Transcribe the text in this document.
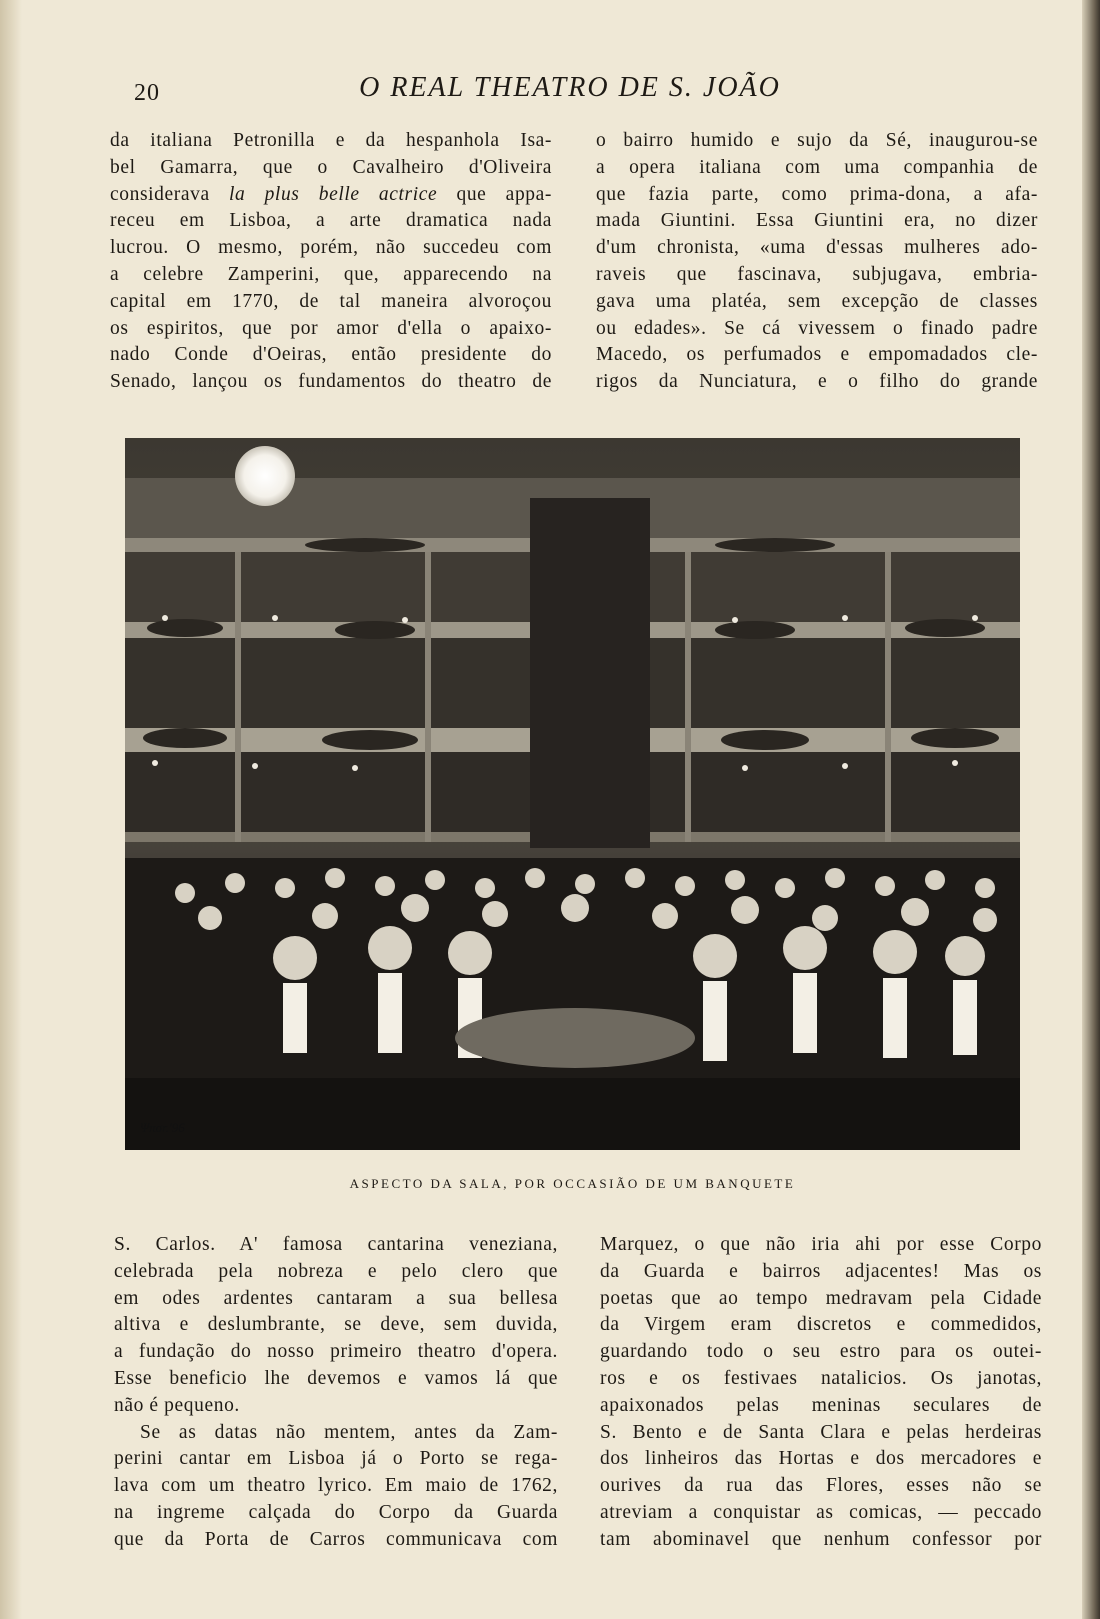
20	O REAL THEATRO DE S. JOÃO
da italiana Petronilla e da hespanhola Isa-
bel Gamarra, que o Cavalheiro d'Oliveira
considerava la plus belle actrice que appa-
receu em Lisboa, a arte dramatica nada
lucrou. O mesmo, porém, não succedeu com
a celebre Zamperini, que, apparecendo na
capital em 1770, de tal maneira alvoroçou
os espiritos, que por amor d'ella o apaixo-
nado Conde d'Oeiras, então presidente do
Senado, lançou os fundamentos do theatro de
o bairro humido e sujo da Sé, inaugurou-se
a opera italiana com uma companhia de
que fazia parte, como prima-dona, a afa-
mada Giuntini. Essa Giuntini era, no dizer
d'um chronista, «uma d'essas mulheres ado-
raveis que fascinava, subjugava, embria-
gava uma platéa, sem excepção de classes
ou edades». Se cá vivessem o finado padre
Macedo, os perfumados e empomadados cle-
rigos da Nunciatura, e o filho do grande
Ψπσr.'96
ASPECTO DA SALA, POR OCCASIÃO DE UM BANQUETE
S. Carlos. A' famosa cantarina veneziana,
celebrada pela nobreza e pelo clero que
em odes ardentes cantaram a sua bellesa
altiva e deslumbrante, se deve, sem duvida,
a fundação do nosso primeiro theatro d'opera.
Esse beneficio lhe devemos e vamos lá que
não é pequeno.
Se as datas não mentem, antes da Zam-
perini cantar em Lisboa já o Porto se rega-
lava com um theatro lyrico. Em maio de 1762,
na ingreme calçada do Corpo da Guarda
que da Porta de Carros communicava com
Marquez, o que não iria ahi por esse Corpo
da Guarda e bairros adjacentes! Mas os
poetas que ao tempo medravam pela Cidade
da Virgem eram discretos e commedidos,
guardando todo o seu estro para os outei-
ros e os festivaes natalicios. Os janotas,
apaixonados pelas meninas seculares de
S. Bento e de Santa Clara e pelas herdeiras
dos linheiros das Hortas e dos mercadores e
ourives da rua das Flores, esses não se
atreviam a conquistar as comicas, — peccado
tam abominavel que nenhum confessor por
